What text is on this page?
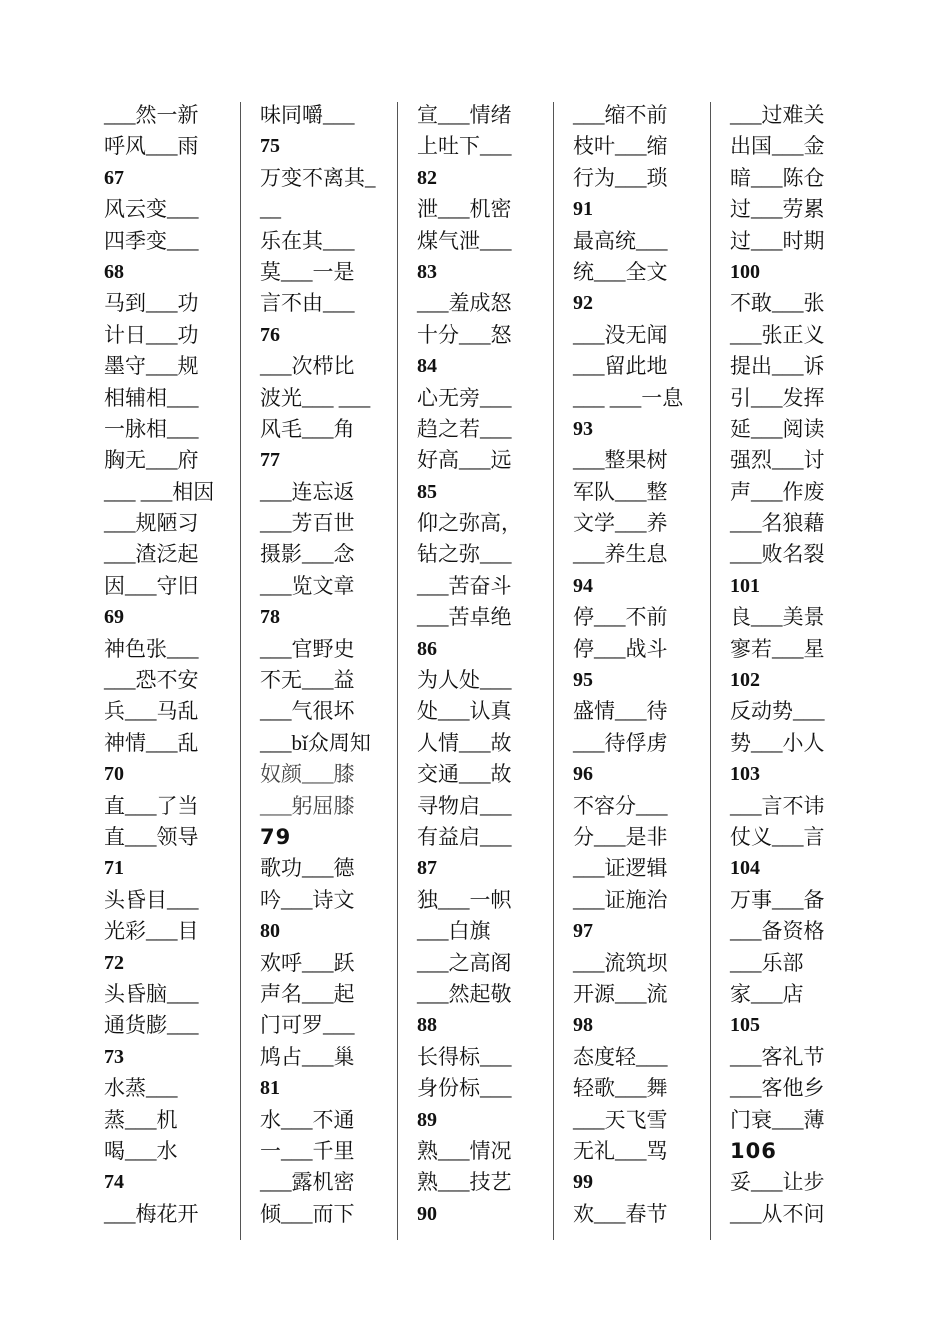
___然一新
呼风___雨
67
风云变___
四季变___
68
马到___功
计日___功
墨守___规
相辅相___
一脉相___
胸无___府
___ ___相因
___规陋习
___渣泛起
因___守旧
69
神色张___
___恐不安
兵___马乱
神情___乱
70
直___了当
直___领导
71
头昏目___
光彩___目
72
头昏脑___
通货膨___
73
水蒸___
蒸___机
喝___水
74
___梅花开
味同嚼___
75
万变不离其_
__
乐在其___
莫___一是
言不由___
76
___次栉比
波光___ ___
风毛___角
77
___连忘返
___芳百世
摄影___念
___览文章
78
___官野史
不无___益
___气很坏
___bǐ众周知
奴颜___膝
___躬屈膝
79
歌功___德
吟___诗文
80
欢呼___跃
声名___起
门可罗___
鸠占___巢
81
水___不通
一___千里
___露机密
倾___而下
宣___情绪
上吐下___
82
泄___机密
煤气泄___
83
___羞成怒
十分___怒
84
心无旁___
趋之若___
好高___远
85
仰之弥高，
钻之弥___
___苦奋斗
___苦卓绝
86
为人处___
处___认真
人情___故
交通___故
寻物启___
有益启___
87
独___一帜
___白旗
___之高阁
___然起敬
88
长得标___
身份标___
89
熟___情况
熟___技艺
90
___缩不前
枝叶___缩
行为___琐
91
最高统___
统___全文
92
___没无闻
___留此地
___ ___一息
93
___整果树
军队___整
文学___养
___养生息
94
停___不前
停___战斗
95
盛情___待
___待俘虏
96
不容分___
分___是非
___证逻辑
___证施治
97
___流筑坝
开源___流
98
态度轻___
轻歌___舞
___天飞雪
无礼___骂
99
欢___春节
___过难关
出国___金
暗___陈仓
过___劳累
过___时期
100
不敢___张
___张正义
提出___诉
引___发挥
延___阅读
强烈___讨
声___作废
___名狼藉
___败名裂
101
良___美景
寥若___星
102
反动势___
势___小人
103
___言不讳
仗义___言
104
万事___备
___备资格
___乐部
家___店
105
___客礼节
___客他乡
门衰___薄
106
妥___让步
___从不问
